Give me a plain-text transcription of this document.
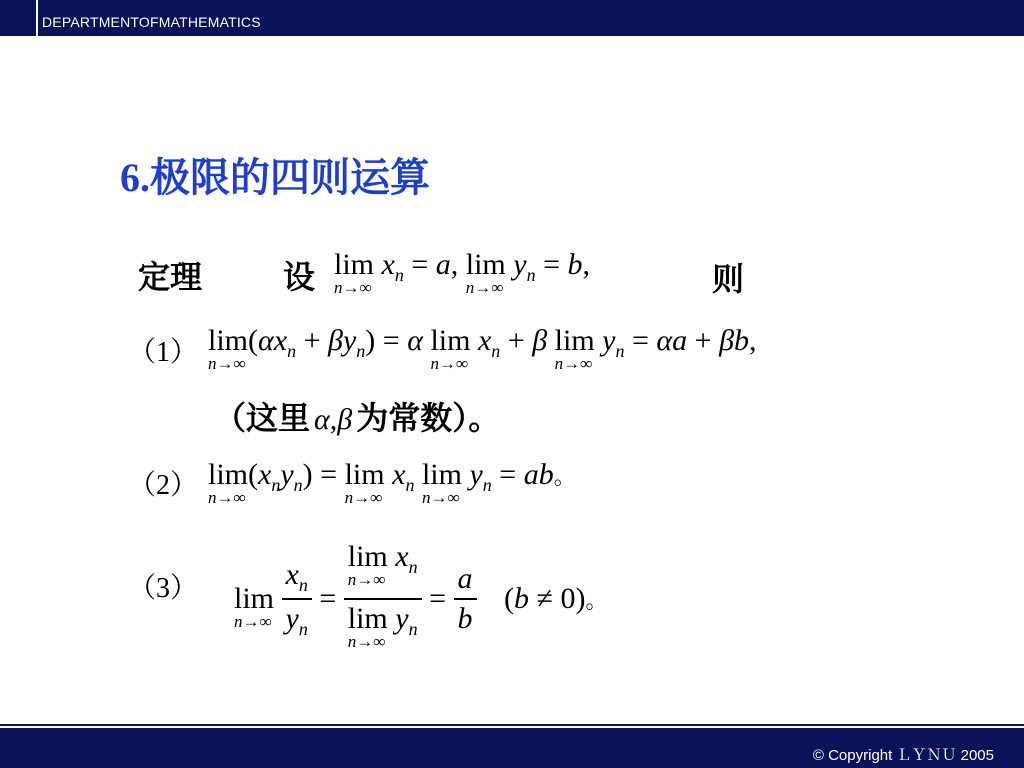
DEPARTMENTOFMATHEMATICS
6.极限的四则运算
定理	设 lim
n→∞
$x_n = a$, lim
n→∞
$y_n = b$,	则
（1） lim
n→∞
$(\alpha x_n + \beta y_n) = \alpha$ lim
n→∞
$x_n + \beta$ lim
n→∞
$y_n = \alpha a + \beta b$,
（这里 α,β 为常数）。
（2） lim
n→∞
$(x_ny_n) = \lim$
n→∞
$x_n$ lim
n→∞
$y_n$ = ab。
（3） lim
n→∞
$\frac{x_n}{y_n} = \lim$
n→∞
$x_n$
lim
n→∞
$y_n = \frac{a}{b} (b \ne 0)$。
© Copyright ＬＹＮＵ 2005
